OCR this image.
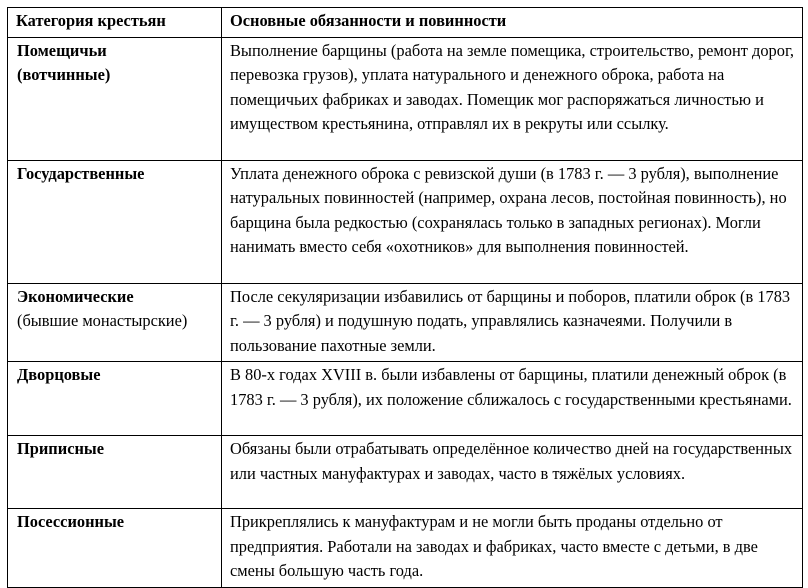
Категория крестьян	Основные обязанности и повинности

Помещичьи
(вотчинные)	Выполнение барщины (работа на земле помещика, строительство, ремонт дорог, перевозка грузов), уплата натурального и денежного оброка, работа на помещичьих фабриках и заводах. Помещик мог распоряжаться личностью и имуществом крестьянина, отправлял их в рекруты или ссылку.

Государственные	Уплата денежного оброка с ревизской души (в 1783 г. — 3 рубля), выполнение натуральных повинностей (например, охрана лесов, постойная повинность), но барщина была редкостью (сохранялась только в западных регионах). Могли нанимать вместо себя «охотников» для выполнения повинностей.

Экономические
(бывшие монастырские)	После секуляризации избавились от барщины и поборов, платили оброк (в 1783 г. — 3 рубля) и подушную подать, управлялись казначеями. Получили в пользование пахотные земли.

Дворцовые	В 80-х годах XVIII в. были избавлены от барщины, платили денежный оброк (в 1783 г. — 3 рубля), их положение сближалось с государственными крестьянами.

Приписные	Обязаны были отрабатывать определённое количество дней на государственных или частных мануфактурах и заводах, часто в тяжёлых условиях.

Посессионные	Прикреплялись к мануфактурам и не могли быть проданы отдельно от предприятия. Работали на заводах и фабриках, часто вместе с детьми, в две смены большую часть года.
